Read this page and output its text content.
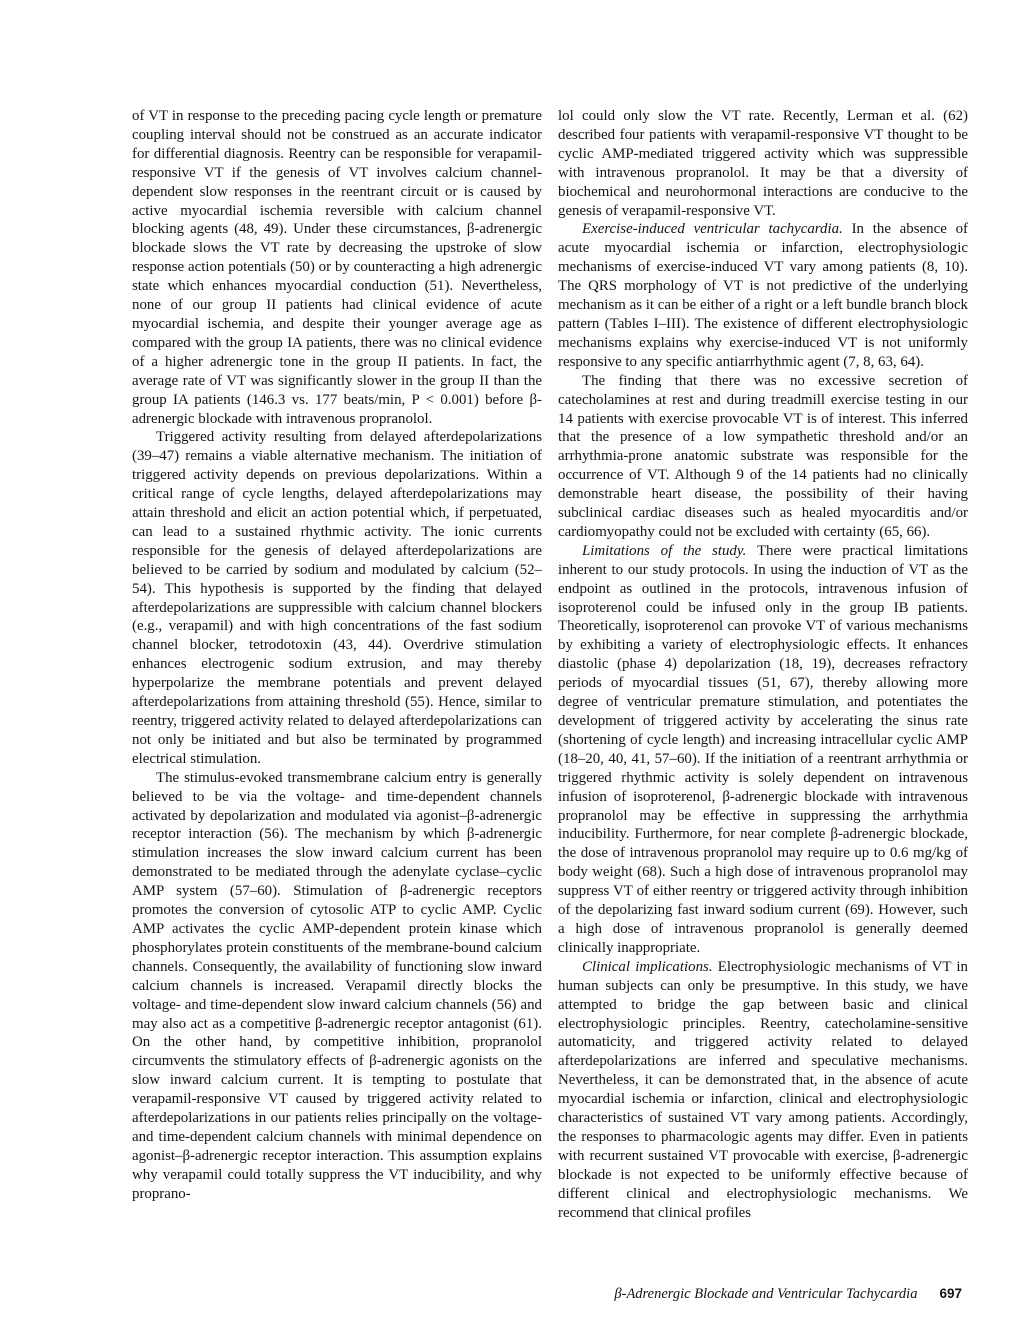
of VT in response to the preceding pacing cycle length or premature coupling interval should not be construed as an accurate indicator for differential diagnosis. Reentry can be responsible for verapamil-responsive VT if the genesis of VT involves calcium channel-dependent slow responses in the reentrant circuit or is caused by active myocardial ischemia reversible with calcium channel blocking agents (48, 49). Under these circumstances, β-adrenergic blockade slows the VT rate by decreasing the upstroke of slow response action potentials (50) or by counteracting a high adrenergic state which enhances myocardial conduction (51). Nevertheless, none of our group II patients had clinical evidence of acute myocardial ischemia, and despite their younger average age as compared with the group IA patients, there was no clinical evidence of a higher adrenergic tone in the group II patients. In fact, the average rate of VT was significantly slower in the group II than the group IA patients (146.3 vs. 177 beats/min, P < 0.001) before β-adrenergic blockade with intravenous propranolol.

Triggered activity resulting from delayed afterdepolarizations (39–47) remains a viable alternative mechanism. The initiation of triggered activity depends on previous depolarizations. Within a critical range of cycle lengths, delayed afterdepolarizations may attain threshold and elicit an action potential which, if perpetuated, can lead to a sustained rhythmic activity. The ionic currents responsible for the genesis of delayed afterdepolarizations are believed to be carried by sodium and modulated by calcium (52–54). This hypothesis is supported by the finding that delayed afterdepolarizations are suppressible with calcium channel blockers (e.g., verapamil) and with high concentrations of the fast sodium channel blocker, tetrodotoxin (43, 44). Overdrive stimulation enhances electrogenic sodium extrusion, and may thereby hyperpolarize the membrane potentials and prevent delayed afterdepolarizations from attaining threshold (55). Hence, similar to reentry, triggered activity related to delayed afterdepolarizations can not only be initiated and but also be terminated by programmed electrical stimulation.

The stimulus-evoked transmembrane calcium entry is generally believed to be via the voltage- and time-dependent channels activated by depolarization and modulated via agonist–β-adrenergic receptor interaction (56). The mechanism by which β-adrenergic stimulation increases the slow inward calcium current has been demonstrated to be mediated through the adenylate cyclase–cyclic AMP system (57–60). Stimulation of β-adrenergic receptors promotes the conversion of cytosolic ATP to cyclic AMP. Cyclic AMP activates the cyclic AMP-dependent protein kinase which phosphorylates protein constituents of the membrane-bound calcium channels. Consequently, the availability of functioning slow inward calcium channels is increased. Verapamil directly blocks the voltage- and time-dependent slow inward calcium channels (56) and may also act as a competitive β-adrenergic receptor antagonist (61). On the other hand, by competitive inhibition, propranolol circumvents the stimulatory effects of β-adrenergic agonists on the slow inward calcium current. It is tempting to postulate that verapamil-responsive VT caused by triggered activity related to afterdepolarizations in our patients relies principally on the voltage- and time-dependent calcium channels with minimal dependence on agonist–β-adrenergic receptor interaction. This assumption explains why verapamil could totally suppress the VT inducibility, and why proprano-

lol could only slow the VT rate. Recently, Lerman et al. (62) described four patients with verapamil-responsive VT thought to be cyclic AMP-mediated triggered activity which was suppressible with intravenous propranolol. It may be that a diversity of biochemical and neurohormonal interactions are conducive to the genesis of verapamil-responsive VT.

Exercise-induced ventricular tachycardia. In the absence of acute myocardial ischemia or infarction, electrophysiologic mechanisms of exercise-induced VT vary among patients (8, 10). The QRS morphology of VT is not predictive of the underlying mechanism as it can be either of a right or a left bundle branch block pattern (Tables I–III). The existence of different electrophysiologic mechanisms explains why exercise-induced VT is not uniformly responsive to any specific antiarrhythmic agent (7, 8, 63, 64).

The finding that there was no excessive secretion of catecholamines at rest and during treadmill exercise testing in our 14 patients with exercise provocable VT is of interest. This inferred that the presence of a low sympathetic threshold and/or an arrhythmia-prone anatomic substrate was responsible for the occurrence of VT. Although 9 of the 14 patients had no clinically demonstrable heart disease, the possibility of their having subclinical cardiac diseases such as healed myocarditis and/or cardiomyopathy could not be excluded with certainty (65, 66).

Limitations of the study. There were practical limitations inherent to our study protocols. In using the induction of VT as the endpoint as outlined in the protocols, intravenous infusion of isoproterenol could be infused only in the group IB patients. Theoretically, isoproterenol can provoke VT of various mechanisms by exhibiting a variety of electrophysiologic effects. It enhances diastolic (phase 4) depolarization (18, 19), decreases refractory periods of myocardial tissues (51, 67), thereby allowing more degree of ventricular premature stimulation, and potentiates the development of triggered activity by accelerating the sinus rate (shortening of cycle length) and increasing intracellular cyclic AMP (18–20, 40, 41, 57–60). If the initiation of a reentrant arrhythmia or triggered rhythmic activity is solely dependent on intravenous infusion of isoproterenol, β-adrenergic blockade with intravenous propranolol may be effective in suppressing the arrhythmia inducibility. Furthermore, for near complete β-adrenergic blockade, the dose of intravenous propranolol may require up to 0.6 mg/kg of body weight (68). Such a high dose of intravenous propranolol may suppress VT of either reentry or triggered activity through inhibition of the depolarizing fast inward sodium current (69). However, such a high dose of intravenous propranolol is generally deemed clinically inappropriate.

Clinical implications. Electrophysiologic mechanisms of VT in human subjects can only be presumptive. In this study, we have attempted to bridge the gap between basic and clinical electrophysiologic principles. Reentry, catecholamine-sensitive automaticity, and triggered activity related to delayed afterdepolarizations are inferred and speculative mechanisms. Nevertheless, it can be demonstrated that, in the absence of acute myocardial ischemia or infarction, clinical and electrophysiologic characteristics of sustained VT vary among patients. Accordingly, the responses to pharmacologic agents may differ. Even in patients with recurrent sustained VT provocable with exercise, β-adrenergic blockade is not expected to be uniformly effective because of different clinical and electrophysiologic mechanisms. We recommend that clinical profiles

β-Adrenergic Blockade and Ventricular Tachycardia 697
